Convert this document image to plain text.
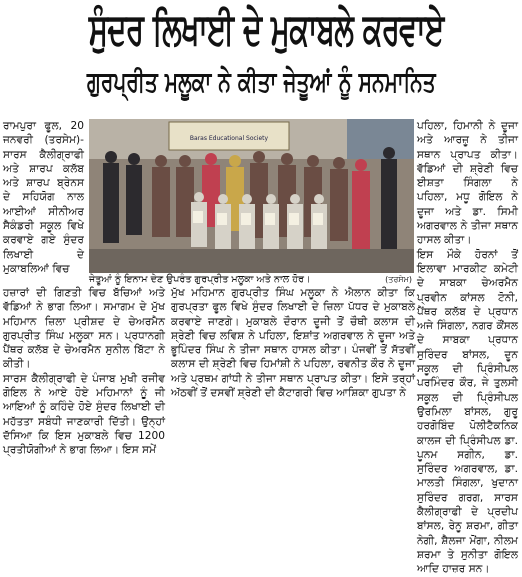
ਸੁੰਦਰ ਲਿਖਾਈ ਦੇ ਮੁਕਾਬਲੇ ਕਰਵਾਏ
ਗੁਰਪ੍ਰੀਤ ਮਲੂਕਾ ਨੇ ਕੀਤਾ ਜੇਤੂਆਂ ਨੂੰ ਸਨਮਾਨਿਤ

ਰਾਮਪੁਰਾ ਫੂਲ, 20 ਜਨਵਰੀ (ਤਰਸੇਮ)- ਸਾਰਸ ਕੈਲੀਗ੍ਰਾਫੀ ਅਤੇ ਸ਼ਾਰਪ ਕਲੱਬ ਅਤੇ ਸ਼ਾਰਪ ਬ੍ਰੇਨਸ ਦੇ ਸਹਿਯੋਗ ਨਾਲ ਆਈਆਂ ਸੀਨੀਅਰ ਸੈਕੰਡਰੀ ਸਕੂਲ ਵਿਖੇ ਕਰਵਾਏ ਗਏ ਸੁੰਦਰ ਲਿਖਾਈ ਦੇ ਮੁਕਾਬਲਿਆਂ ਵਿਚ

Baras Educational Society
ਜੇਤੂਆਂ ਨੂੰ ਇਨਾਮ ਦੇਣ ਉਪਰੰਤ ਗੁਰਪ੍ਰੀਤ ਮਲੂਕਾ ਅਤੇ ਨਾਲ ਹੋਰ।	(ਤਰਸੇਮ)

ਹਜ਼ਾਰਾਂ ਦੀ ਗਿਣਤੀ ਵਿਚ ਬੱਚਿਆਂ ਅਤੇ ਵੱਡਿਆਂ ਨੇ ਭਾਗ ਲਿਆ। ਸਮਾਗਮ ਦੇ ਮੁੱਖ ਮਹਿਮਾਨ ਜ਼ਿਲਾ ਪ੍ਰੀਸ਼ਦ ਦੇ ਚੇਅਰਮੈਨ ਗੁਰਪ੍ਰੀਤ ਸਿੰਘ ਮਲੂਕਾ ਸਨ। ਪ੍ਰਧਾਨਗੀ ਪੈਂਥਰ ਕਲੱਬ ਦੇ ਚੇਅਰਮੈਨ ਸੁਨੀਲ ਬਿੱਟਾ ਨੇ ਕੀਤੀ।

ਸਾਰਸ ਕੈਲੀਗ੍ਰਾਫੀ ਦੇ ਪੰਜਾਬ ਮੁਖੀ ਰਜੀਵ ਗੋਇਲ ਨੇ ਆਏ ਹੋਏ ਮਹਿਮਾਨਾਂ ਨੂੰ ਜੀ ਆਇਆਂ ਨੂੰ ਕਹਿੰਦੇ ਹੋਏ ਸੁੰਦਰ ਲਿਖਾਈ ਦੀ ਮਹੱਤਤਾ ਸਬੰਧੀ ਜਾਣਕਾਰੀ ਦਿੱਤੀ। ਉਨ੍ਹਾਂ ਦੱਸਿਆ ਕਿ ਇਸ ਮੁਕਾਬਲੇ ਵਿਚ 1200 ਪ੍ਰਤੀਯੋਗੀਆਂ ਨੇ ਭਾਗ ਲਿਆ। ਇਸ ਸਮੇਂ

ਮੁੱਖ ਮਹਿਮਾਨ ਗੁਰਪ੍ਰੀਤ ਸਿੰਘ ਮਲੂਕਾ ਨੇ ਐਲਾਨ ਕੀਤਾ ਕਿ ਗੁਰਪ੍ਰਤਾ ਫੂਲ ਵਿਖੇ ਸੁੰਦਰ ਲਿਖਾਈ ਦੇ ਜ਼ਿਲਾ ਪੱਧਰ ਦੇ ਮੁਕਾਬਲੇ ਕਰਵਾਏ ਜਾਣਗੇ। ਮੁਕਾਬਲੇ ਦੌਰਾਨ ਦੂਜੀ ਤੋਂ ਚੌਥੀ ਕਲਾਸ ਦੀ ਸ਼੍ਰੇਣੀ ਵਿਚ ਲਵਿਸ਼ ਨੇ ਪਹਿਲਾ, ਇਸ਼ਾਂਤ ਅਗਰਵਾਲ ਨੇ ਦੂਜਾ ਅਤੇ ਭੂਪਿੰਦਰ ਸਿੰਘ ਨੇ ਤੀਜਾ ਸਥਾਨ ਹਾਸਲ ਕੀਤਾ। ਪੰਜਵੀਂ ਤੋਂ ਸੱਤਵੀਂ ਕਲਾਸ ਦੀ ਸ਼੍ਰੇਣੀ ਵਿਚ ਹਿਮਾਂਸ਼ੀ ਨੇ ਪਹਿਲਾ, ਰਵਨੀਤ ਕੌਰ ਨੇ ਦੂਜਾ ਅਤੇ ਪ੍ਰਥਮ ਗਾਂਧੀ ਨੇ ਤੀਜਾ ਸਥਾਨ ਪ੍ਰਾਪਤ ਕੀਤਾ। ਇਸੇ ਤਰ੍ਹਾਂ ਅੱਠਵੀਂ ਤੋਂ ਦਸਵੀਂ ਸ਼੍ਰੇਣੀ ਦੀ ਕੈਟਾਗਰੀ ਵਿਚ ਆਸ਼ਿਕਾ ਗੁਪਤਾ ਨੇ

ਪਹਿਲਾ, ਹਿਮਾਨੀ ਨੇ ਦੂਜਾ ਅਤੇ ਆਰਜ਼ੂ ਨੇ ਤੀਜਾ ਸਥਾਨ ਪ੍ਰਾਪਤ ਕੀਤਾ। ਵੱਡਿਆਂ ਦੀ ਸ਼੍ਰੇਣੀ ਵਿਚ ਈਸ਼ਤਾ ਸਿੰਗਲਾ ਨੇ ਪਹਿਲਾ, ਮਧੂ ਗੋਇਲ ਨੇ ਦੂਜਾ ਅਤੇ ਡਾ. ਸਿਮੀ ਅਗਰਵਾਲ ਨੇ ਤੀਜਾ ਸਥਾਨ ਹਾਸਲ ਕੀਤਾ।

ਇਸ ਮੌਕੇ ਹੋਰਨਾਂ ਤੋਂ ਇਲਾਵਾ ਮਾਰਕੀਟ ਕਮੇਟੀ ਦੇ ਸਾਬਕਾ ਚੇਅਰਮੈਨ ਪ੍ਰਵੀਨ ਕਾਂਸਲ ਟੋਨੀ, ਪੈਂਥਰ ਕਲੱਬ ਦੇ ਪ੍ਰਧਾਨ ਅਜੇ ਸਿੰਗਲਾ, ਨਗਰ ਕੌਂਸਲ ਦੇ ਸਾਬਕਾ ਪ੍ਰਧਾਨ ਸੁਰਿੰਦਰ ਬਾਂਸਲ, ਦੂਨ ਸਕੂਲ ਦੀ ਪ੍ਰਿੰਸੀਪਲ ਪਰਮਿੰਦਰ ਕੌਰ, ਜੇ ਤੁਲਸੀ ਸਕੂਲ ਦੀ ਪ੍ਰਿੰਸੀਪਲ ਉਰਮਿਲਾ ਬਾਂਸਲ, ਗੁਰੂ ਹਰਗੋਬਿੰਦ ਪੋਲੀਟੈਕਨਿਕ ਕਾਲਜ ਦੀ ਪ੍ਰਿੰਸੀਪਲ ਡਾ. ਪੂਨਮ ਸਗੀਨ, ਡਾ. ਸੁਰਿੰਦਰ ਅਗਰਵਾਲ, ਡਾ. ਮਾਲਤੀ ਸਿੰਗਲਾ, ਖੁਦਾਨਾ ਸੁਰਿੰਦਰ ਗਰਗ, ਸਾਰਸ ਕੈਲੀਗ੍ਰਾਫੀ ਦੇ ਪ੍ਰਦੀਪ ਬਾਂਸਲ, ਰੇਨੂ ਸ਼ਰਮਾ, ਗੀਤਾ ਨੇਗੀ, ਸ਼ੈਲਜਾ ਮੋਂਗਾ, ਨੀਲਮ ਸ਼ਰਮਾ ਤੇ ਸੁਨੀਤਾ ਗੋਇਲ ਆਦਿ ਹਾਜ਼ਰ ਸਨ।
